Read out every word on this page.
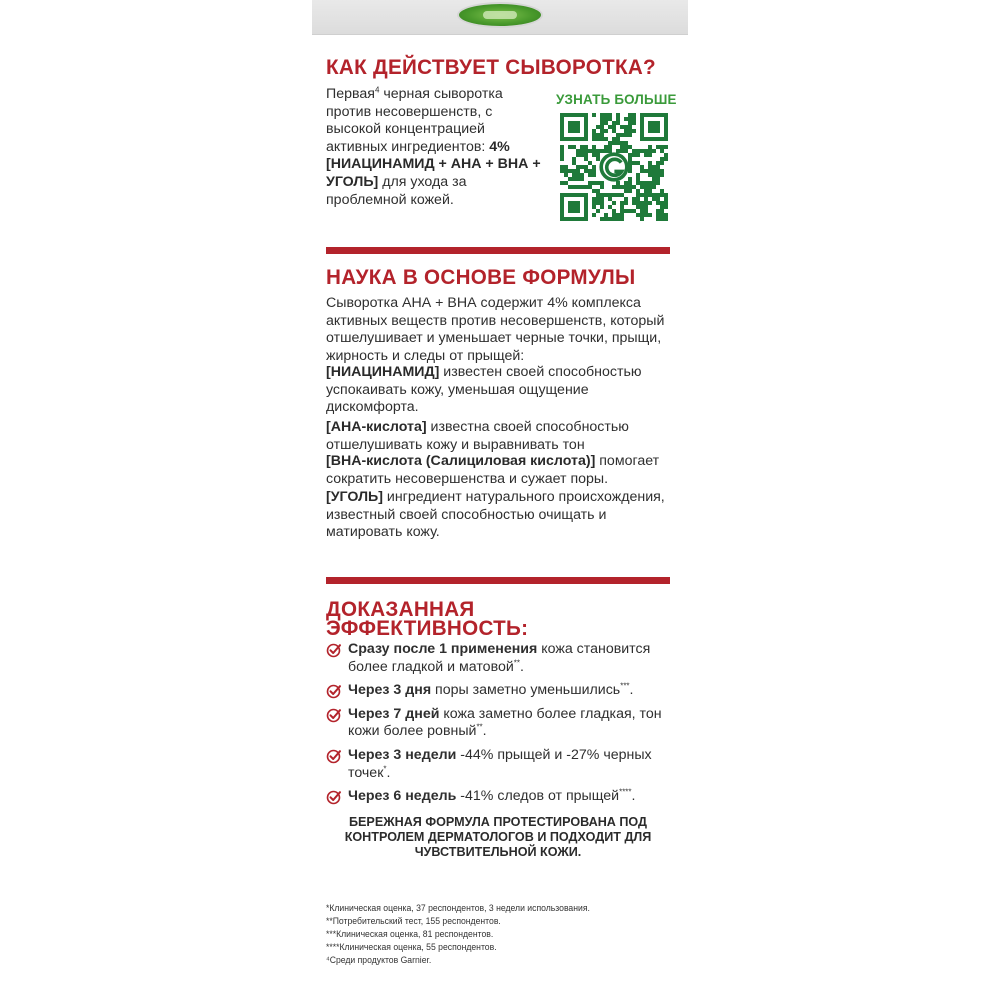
КАК ДЕЙСТВУЕТ СЫВОРОТКА?
Первая$^4$ черная сыворотка против несовершенств, с высокой концентрацией активных ингредиентов: 4% [НИАЦИНАМИД + АНА + ВНА + УГОЛЬ] для ухода за проблемной кожей.
УЗНАТЬ БОЛЬШЕ
НАУКА В ОСНОВЕ ФОРМУЛЫ
Сыворотка АНА + ВНА содержит 4% комплекса активных веществ против несовершенств, который отшелушивает и уменьшает черные точки, прыщи, жирность и следы от прыщей:
[НИАЦИНАМИД] известен своей способностью успокаивать кожу, уменьшая ощущение дискомфорта.
[АНА-кислота] известна своей способностью отшелушивать кожу и выравнивать тон
[ВНА-кислота (Салициловая кислота)] помогает сократить несовершенства и сужает поры.
[УГОЛЬ] ингредиент натурального происхождения, известный своей способностью очищать и матировать кожу.
ДОКАЗАННАЯ
ЭФФЕКТИВНОСТЬ:
Сразу после 1 применения кожа становится более гладкой и матовой**.
Через 3 дня поры заметно уменьшились***.
Через 7 дней кожа заметно более гладкая, тон кожи более ровный**.
Через 3 недели -44% прыщей и -27% черных точек*.
Через 6 недель -41% следов от прыщей****.
БЕРЕЖНАЯ ФОРМУЛА ПРОТЕСТИРОВАНА ПОД КОНТРОЛЕМ ДЕРМАТОЛОГОВ И ПОДХОДИТ ДЛЯ ЧУВСТВИТЕЛЬНОЙ КОЖИ.
*Клиническая оценка, 37 респондентов, 3 недели использования.
**Потребительский тест, 155 респондентов.
***Клиническая оценка, 81 респондентов.
****Клиническая оценка, 55 респондентов.
⁴Среди продуктов Garnier.
